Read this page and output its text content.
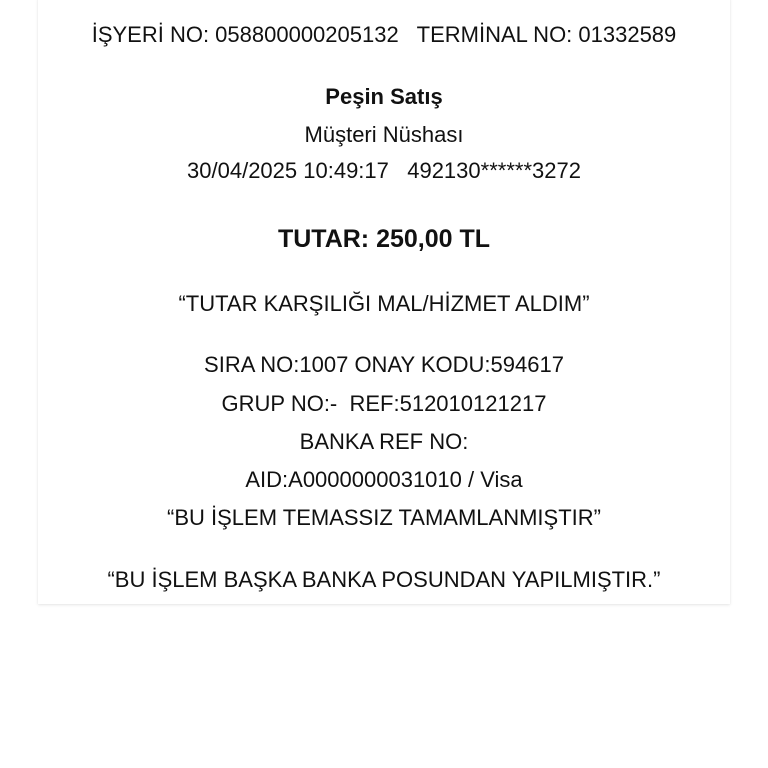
İŞYERİ NO: 058800000205132   TERMİNAL NO: 01332589
Peşin Satış
Müşteri Nüshası
30/04/2025 10:49:17   492130******3272
TUTAR: 250,00 TL
“TUTAR KARŞILIĞI MAL/HİZMET ALDIM”
SIRA NO:1007 ONAY KODU:594617
GRUP NO:-  REF:512010121217
BANKA REF NO:
AID:A0000000031010 / Visa
“BU İŞLEM TEMASSIZ TAMAMLANMIŞTIR”
“BU İŞLEM BAŞKA BANKA POSUNDAN YAPILMIŞTIR.”
